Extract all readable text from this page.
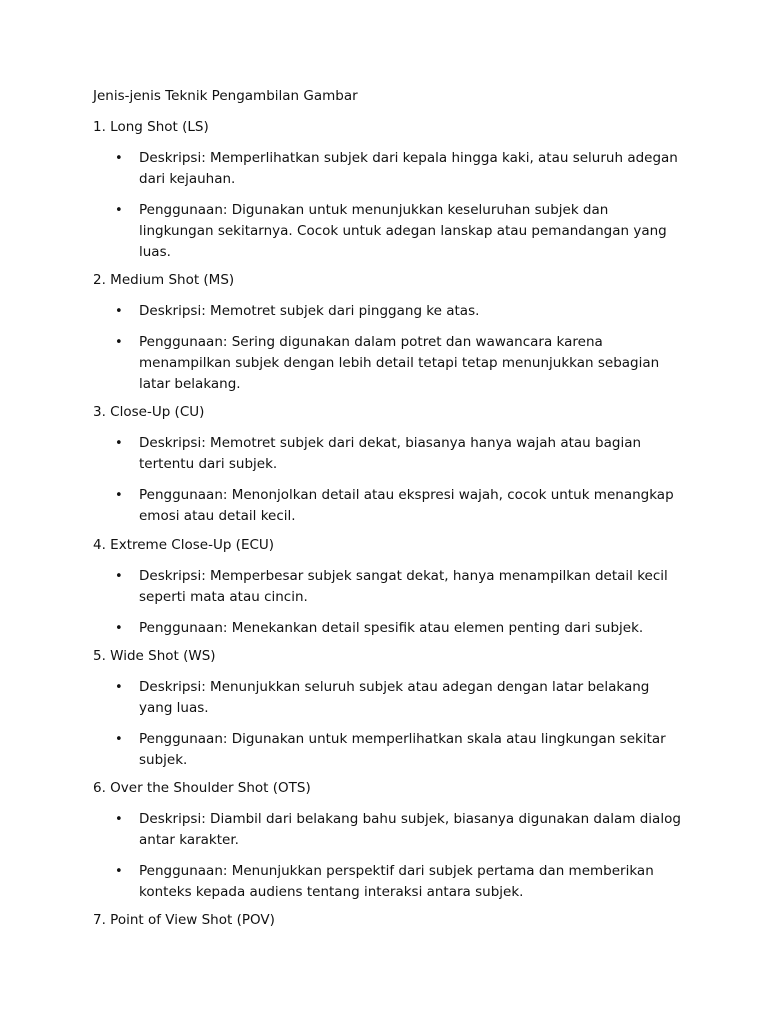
Jenis-jenis Teknik Pengambilan Gambar
1. Long Shot (LS)
• Deskripsi: Memperlihatkan subjek dari kepala hingga kaki, atau seluruh adegan dari kejauhan.
• Penggunaan: Digunakan untuk menunjukkan keseluruhan subjek dan lingkungan sekitarnya. Cocok untuk adegan lanskap atau pemandangan yang luas.
2. Medium Shot (MS)
• Deskripsi: Memotret subjek dari pinggang ke atas.
• Penggunaan: Sering digunakan dalam potret dan wawancara karena menampilkan subjek dengan lebih detail tetapi tetap menunjukkan sebagian latar belakang.
3. Close-Up (CU)
• Deskripsi: Memotret subjek dari dekat, biasanya hanya wajah atau bagian tertentu dari subjek.
• Penggunaan: Menonjolkan detail atau ekspresi wajah, cocok untuk menangkap emosi atau detail kecil.
4. Extreme Close-Up (ECU)
• Deskripsi: Memperbesar subjek sangat dekat, hanya menampilkan detail kecil seperti mata atau cincin.
• Penggunaan: Menekankan detail spesifik atau elemen penting dari subjek.
5. Wide Shot (WS)
• Deskripsi: Menunjukkan seluruh subjek atau adegan dengan latar belakang yang luas.
• Penggunaan: Digunakan untuk memperlihatkan skala atau lingkungan sekitar subjek.
6. Over the Shoulder Shot (OTS)
• Deskripsi: Diambil dari belakang bahu subjek, biasanya digunakan dalam dialog antar karakter.
• Penggunaan: Menunjukkan perspektif dari subjek pertama dan memberikan konteks kepada audiens tentang interaksi antara subjek.
7. Point of View Shot (POV)
